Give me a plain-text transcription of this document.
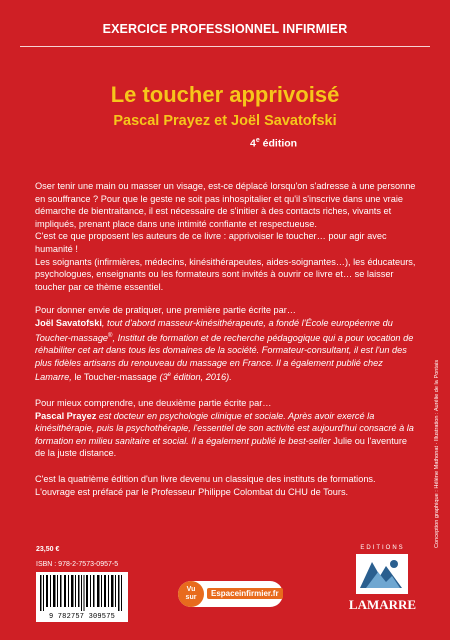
EXERCICE PROFESSIONNEL INFIRMIER
Le toucher apprivoisé
Pascal Prayez et Joël Savatofski
4e édition

Oser tenir une main ou masser un visage, est-ce déplacé lorsqu'on s'adresse à une personne en souffrance ? Pour que le geste ne soit pas inhospitalier et qu'il s'inscrive dans une vraie démarche de bientraitance, il est nécessaire de s'initier à des contacts riches, vivants et impliqués, prenant place dans une intimité confiante et respectueuse.

C'est ce que proposent les auteurs de ce livre : apprivoiser le toucher… pour agir avec humanité !

Les soignants (infirmières, médecins, kinésithérapeutes, aides-soignantes…), les éducateurs, psychologues, enseignants ou les formateurs sont invités à ouvrir ce livre et… se laisser toucher par ce thème essentiel.

Pour donner envie de pratiquer, une première partie écrite par…

Joël Savatofski, tout d'abord masseur-kinésithérapeute, a fondé l'École européenne du Toucher-massage®, Institut de formation et de recherche pédagogique qui a pour vocation de réhabiliter cet art dans tous les domaines de la société. Formateur-consultant, il est l'un des plus fidèles artisans du renouveau du massage en France. Il a également publié chez Lamarre, le Toucher-massage (3e édition, 2016).

Pour mieux comprendre, une deuxième partie écrite par…

Pascal Prayez est docteur en psychologie clinique et sociale. Après avoir exercé la kinésithérapie, puis la psychothérapie, l'essentiel de son activité est aujourd'hui consacré à la formation en milieu sanitaire et social. Il a également publié le best-seller Julie ou l'aventure de la juste distance.

C'est la quatrième édition d'un livre devenu un classique des instituts de formations. L'ouvrage est préfacé par le Professeur Philippe Colombat du CHU de Tours.

23,50 €
ISBN : 978-2-7573-0957-5
9 782757 309575
Vu
sur	Espaceinfirmier.fr
EDITIONS
LAMARRE
Conception graphique : Hélène Mathonat · Illustration : Aurélie de la Pontais
